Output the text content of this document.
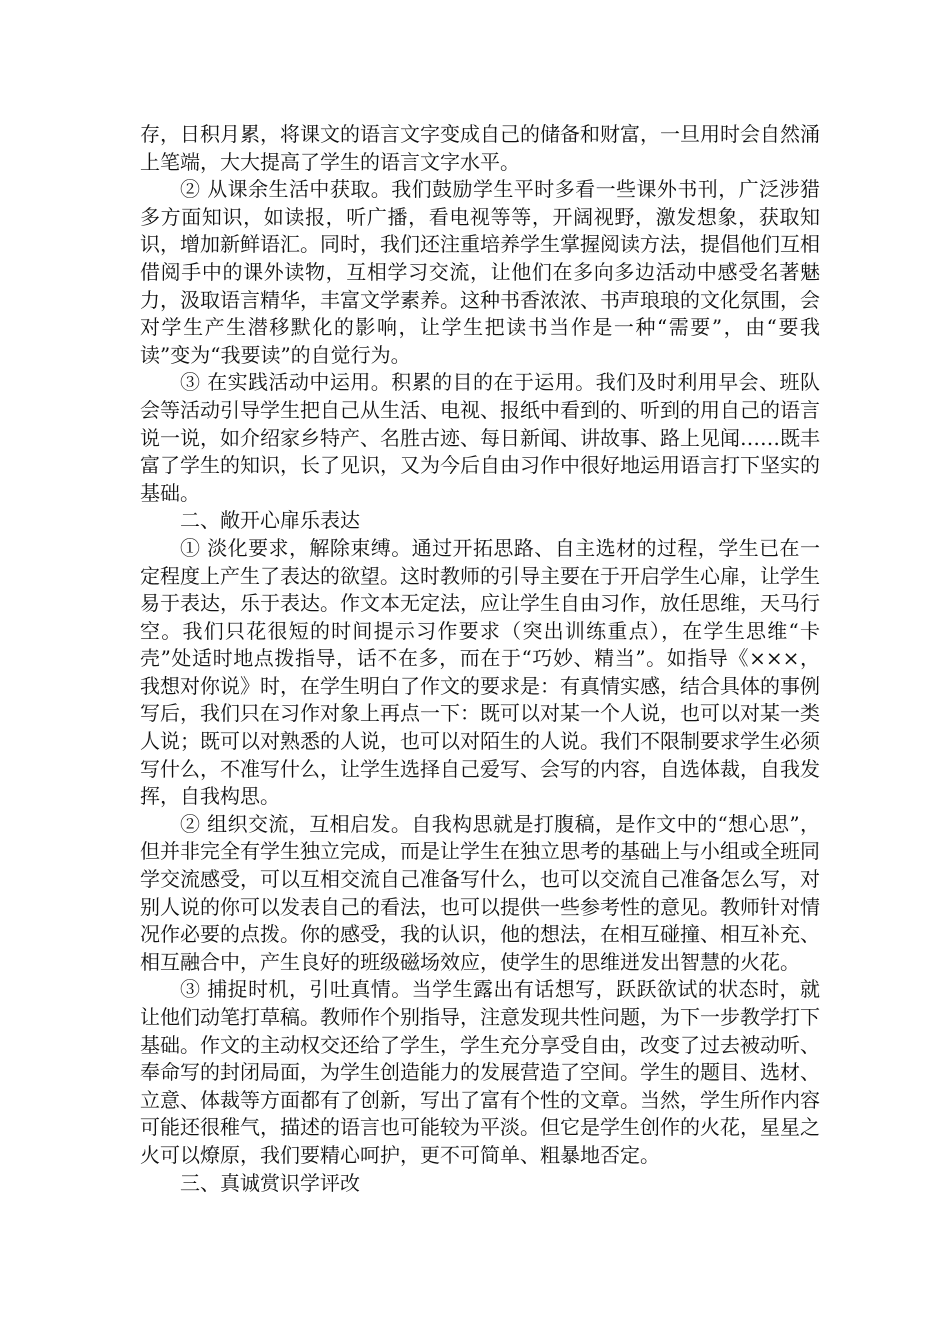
存，日积月累，将课文的语言文字变成自己的储备和财富，一旦用时会自然涌上笔端，大大提高了学生的语言文字水平。

② 从课余生活中获取。我们鼓励学生平时多看一些课外书刊，广泛涉猎多方面知识，如读报，听广播，看电视等等，开阔视野，激发想象，获取知识，增加新鲜语汇。同时，我们还注重培养学生掌握阅读方法，提倡他们互相借阅手中的课外读物，互相学习交流，让他们在多向多边活动中感受名著魅力，汲取语言精华，丰富文学素养。这种书香浓浓、书声琅琅的文化氛围，会对学生产生潜移默化的影响，让学生把读书当作是一种“需要”，由“要我读”变为“我要读”的自觉行为。

③ 在实践活动中运用。积累的目的在于运用。我们及时利用早会、班队会等活动引导学生把自己从生活、电视、报纸中看到的、听到的用自己的语言说一说，如介绍家乡特产、名胜古迹、每日新闻、讲故事、路上见闻……既丰富了学生的知识，长了见识，又为今后自由习作中很好地运用语言打下坚实的基础。

二、敞开心扉乐表达

① 淡化要求，解除束缚。通过开拓思路、自主选材的过程，学生已在一定程度上产生了表达的欲望。这时教师的引导主要在于开启学生心扉，让学生易于表达，乐于表达。作文本无定法，应让学生自由习作，放任思维，天马行空。我们只花很短的时间提示习作要求（突出训练重点），在学生思维“卡壳”处适时地点拨指导，话不在多，而在于“巧妙、精当”。如指导《×××，我想对你说》时，在学生明白了作文的要求是：有真情实感，结合具体的事例写后，我们只在习作对象上再点一下：既可以对某一个人说，也可以对某一类人说；既可以对熟悉的人说，也可以对陌生的人说。我们不限制要求学生必须写什么，不准写什么，让学生选择自己爱写、会写的内容，自选体裁，自我发挥，自我构思。

② 组织交流，互相启发。自我构思就是打腹稿，是作文中的“想心思”，但并非完全有学生独立完成，而是让学生在独立思考的基础上与小组或全班同学交流感受，可以互相交流自己准备写什么，也可以交流自己准备怎么写，对别人说的你可以发表自己的看法，也可以提供一些参考性的意见。教师针对情况作必要的点拨。你的感受，我的认识，他的想法，在相互碰撞、相互补充、相互融合中，产生良好的班级磁场效应，使学生的思维迸发出智慧的火花。

③ 捕捉时机，引吐真情。当学生露出有话想写，跃跃欲试的状态时，就让他们动笔打草稿。教师作个别指导，注意发现共性问题，为下一步教学打下基础。作文的主动权交还给了学生，学生充分享受自由，改变了过去被动听、奉命写的封闭局面，为学生创造能力的发展营造了空间。学生的题目、选材、立意、体裁等方面都有了创新，写出了富有个性的文章。当然，学生所作内容可能还很稚气，描述的语言也可能较为平淡。但它是学生创作的火花，星星之火可以燎原，我们要精心呵护，更不可简单、粗暴地否定。

三、真诚赏识学评改
